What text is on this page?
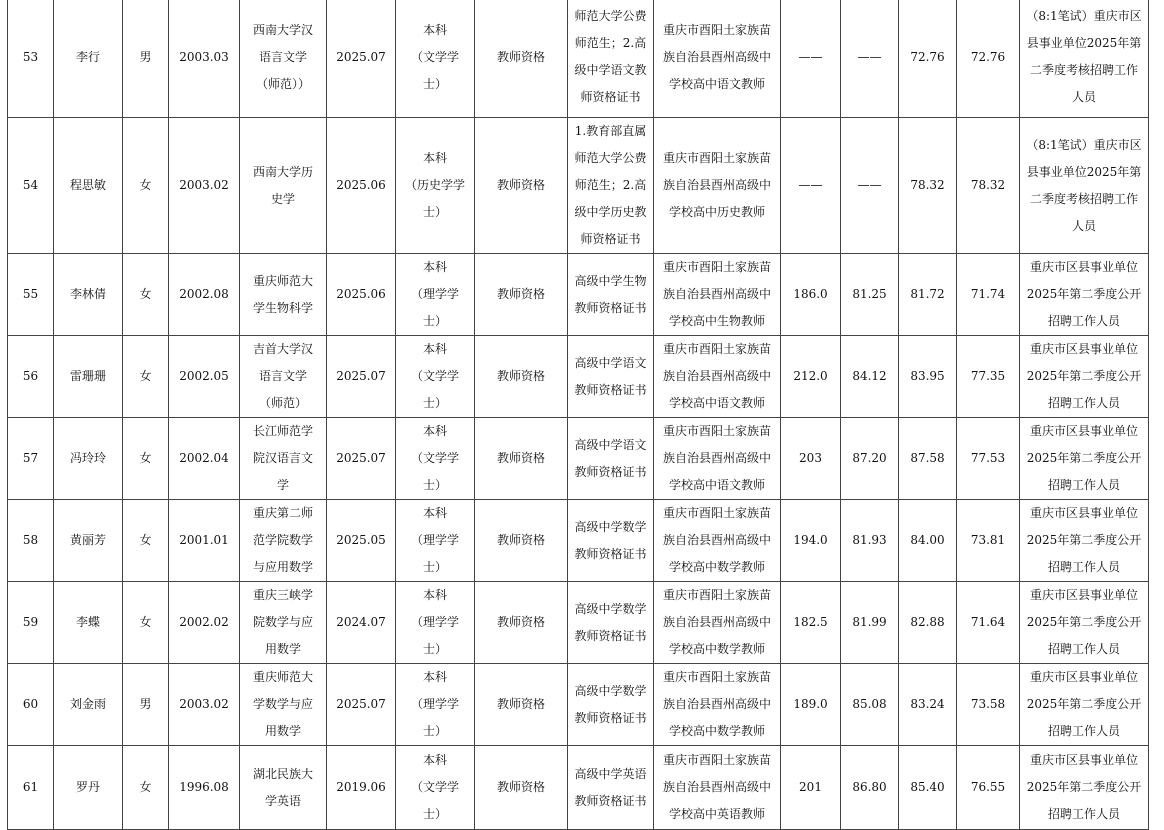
53	李行	男	2003.03	西南大学汉
语言文学
（师范））	2025.07	本科
（文学学
士）	教师资格	师范大学公费
师范生；2.高
级中学语文教
师资格证书	重庆市酉阳土家族苗
族自治县酉州高级中
学校高中语文教师	——	——	72.76	72.76	（8:1笔试）重庆市区
县事业单位2025年第
二季度考核招聘工作
人员

54	程思敏	女	2003.02	西南大学历
史学	2025.06	本科
（历史学学
士）	教师资格	1.教育部直属
师范大学公费
师范生；2.高
级中学历史教
师资格证书	重庆市酉阳土家族苗
族自治县酉州高级中
学校高中历史教师	——	——	78.32	78.32	（8:1笔试）重庆市区
县事业单位2025年第
二季度考核招聘工作
人员

55	李林倩	女	2002.08	重庆师范大
学生物科学	2025.06	本科
（理学学
士）	教师资格	高级中学生物
教师资格证书	重庆市酉阳土家族苗
族自治县酉州高级中
学校高中生物教师	186.0	81.25	81.72	71.74	重庆市区县事业单位
2025年第二季度公开
招聘工作人员

56	雷珊珊	女	2002.05	吉首大学汉
语言文学
（师范）	2025.07	本科
（文学学
士）	教师资格	高级中学语文
教师资格证书	重庆市酉阳土家族苗
族自治县酉州高级中
学校高中语文教师	212.0	84.12	83.95	77.35	重庆市区县事业单位
2025年第二季度公开
招聘工作人员

57	冯玲玲	女	2002.04	长江师范学
院汉语言文
学	2025.07	本科
（文学学
士）	教师资格	高级中学语文
教师资格证书	重庆市酉阳土家族苗
族自治县酉州高级中
学校高中语文教师	203	87.20	87.58	77.53	重庆市区县事业单位
2025年第二季度公开
招聘工作人员

58	黄丽芳	女	2001.01	重庆第二师
范学院数学
与应用数学	2025.05	本科
（理学学
士）	教师资格	高级中学数学
教师资格证书	重庆市酉阳土家族苗
族自治县酉州高级中
学校高中数学教师	194.0	81.93	84.00	73.81	重庆市区县事业单位
2025年第二季度公开
招聘工作人员

59	李蝶	女	2002.02	重庆三峡学
院数学与应
用数学	2024.07	本科
（理学学
士）	教师资格	高级中学数学
教师资格证书	重庆市酉阳土家族苗
族自治县酉州高级中
学校高中数学教师	182.5	81.99	82.88	71.64	重庆市区县事业单位
2025年第二季度公开
招聘工作人员

60	刘金雨	男	2003.02	重庆师范大
学数学与应
用数学	2025.07	本科
（理学学
士）	教师资格	高级中学数学
教师资格证书	重庆市酉阳土家族苗
族自治县酉州高级中
学校高中数学教师	189.0	85.08	83.24	73.58	重庆市区县事业单位
2025年第二季度公开
招聘工作人员

61	罗丹	女	1996.08	湖北民族大
学英语	2019.06	本科
（文学学
士）	教师资格	高级中学英语
教师资格证书	重庆市酉阳土家族苗
族自治县酉州高级中
学校高中英语教师	201	86.80	85.40	76.55	重庆市区县事业单位
2025年第二季度公开
招聘工作人员
